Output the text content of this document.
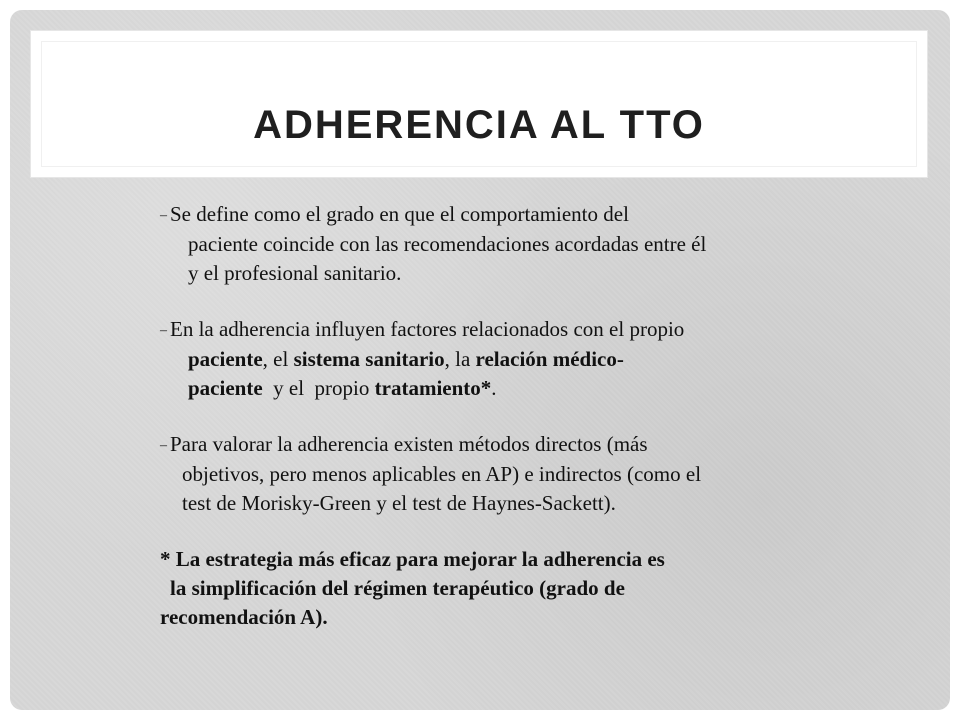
ADHERENCIA AL TTO
– Se define como el grado en que el comportamiento del
paciente coincide con las recomendaciones acordadas entre él
y el profesional sanitario.
– En la adherencia influyen factores relacionados con el propio
paciente, el sistema sanitario, la relación médico-
paciente  y el  propio tratamiento*.
– Para valorar la adherencia existen métodos directos (más
objetivos, pero menos aplicables en AP) e indirectos (como el
test de Morisky-Green y el test de Haynes-Sackett).
* La estrategia más eficaz para mejorar la adherencia es
la simplificación del régimen terapéutico (grado de
recomendación A).
